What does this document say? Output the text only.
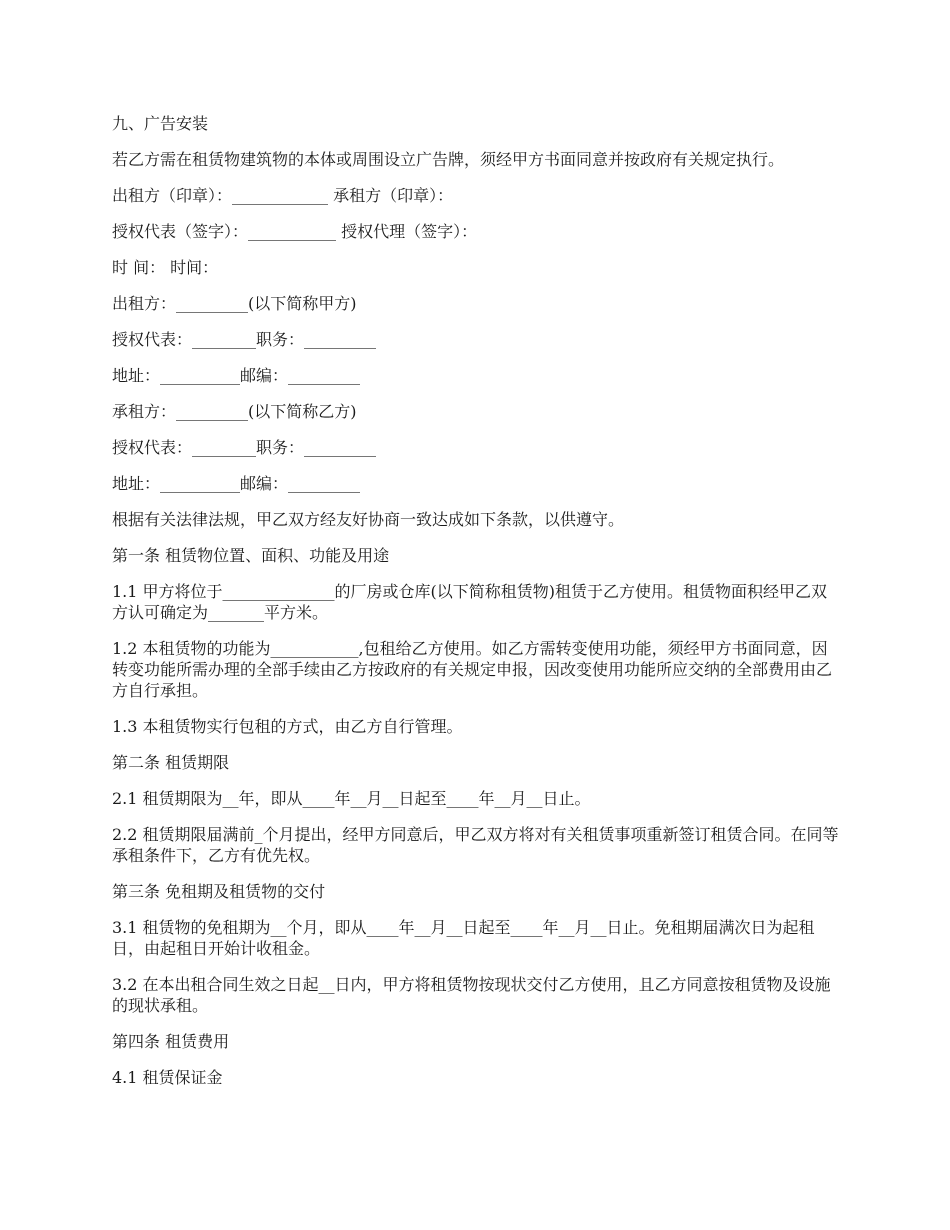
九、广告安装

若乙方需在租赁物建筑物的本体或周围设立广告牌，须经甲方书面同意并按政府有关规定执行。

出租方（印章）：____________ 承租方（印章）：

授权代表（签字）：___________ 授权代理（签字）：

时 间： 时间：

出租方：_________(以下简称甲方)

授权代表：________职务：_________

地址：__________邮编：_________

承租方：_________(以下简称乙方)

授权代表：________职务：_________

地址：__________邮编：_________

根据有关法律法规，甲乙双方经友好协商一致达成如下条款，以供遵守。

第一条 租赁物位置、面积、功能及用途

1.1 甲方将位于______________的厂房或仓库(以下简称租赁物)租赁于乙方使用。租赁物面积经甲乙双方认可确定为_______平方米。

1.2 本租赁物的功能为___________,包租给乙方使用。如乙方需转变使用功能，须经甲方书面同意，因转变功能所需办理的全部手续由乙方按政府的有关规定申报，因改变使用功能所应交纳的全部费用由乙方自行承担。

1.3 本租赁物实行包租的方式，由乙方自行管理。

第二条 租赁期限

2.1 租赁期限为__年，即从____年__月__日起至____年__月__日止。

2.2 租赁期限届满前_个月提出，经甲方同意后，甲乙双方将对有关租赁事项重新签订租赁合同。在同等承租条件下，乙方有优先权。

第三条 免租期及租赁物的交付

3.1 租赁物的免租期为__个月，即从____年__月__日起至____年__月__日止。免租期届满次日为起租日，由起租日开始计收租金。

3.2 在本出租合同生效之日起__日内，甲方将租赁物按现状交付乙方使用，且乙方同意按租赁物及设施的现状承租。

第四条 租赁费用

4.1 租赁保证金
